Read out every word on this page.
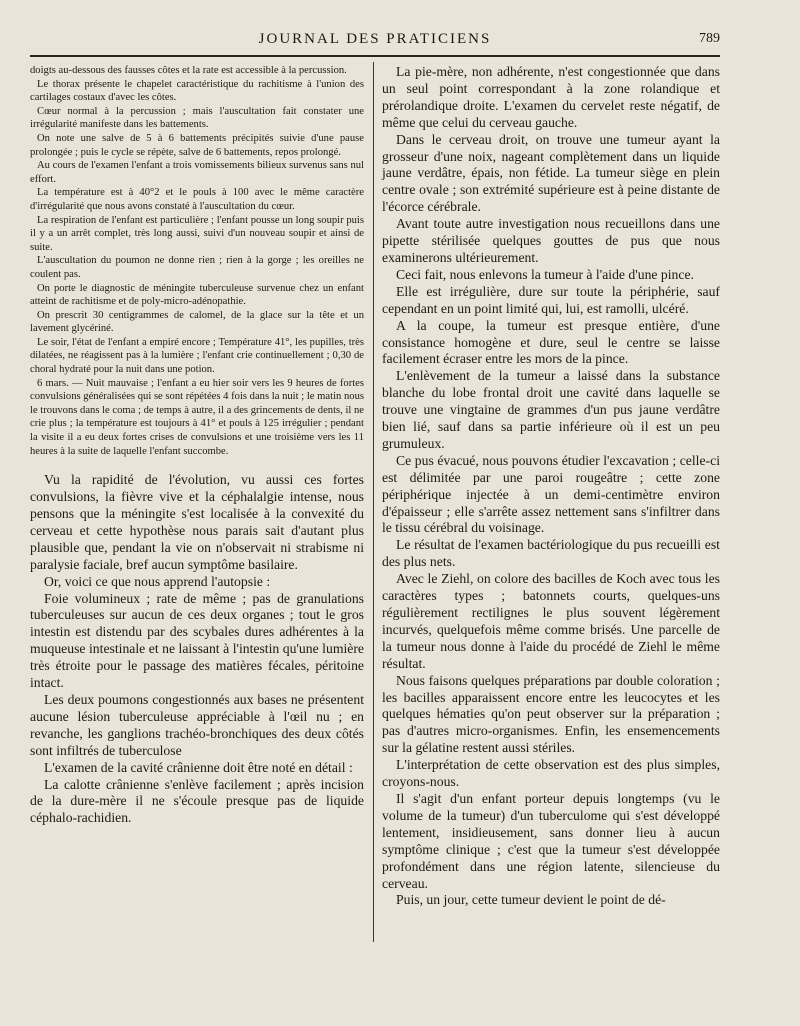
JOURNAL DES PRATICIENS	789

doigts au-dessous des fausses côtes et la rate est accessible à la percussion.

Le thorax présente le chapelet caractéristique du rachitisme à l'union des cartilages costaux d'avec les côtes.

Cœur normal à la percussion ; mais l'auscultation fait constater une irrégularité manifeste dans les battements.

On note une salve de 5 à 6 battements précipités suivie d'une pause prolongée ; puis le cycle se répète, salve de 6 battements, repos prolongé.

Au cours de l'examen l'enfant a trois vomissements bilieux survenus sans nul effort.

La température est à 40°2 et le pouls à 100 avec le même caractère d'irrégularité que nous avons constaté à l'auscultation du cœur.

La respiration de l'enfant est particulière ; l'enfant pousse un long soupir puis il y a un arrêt complet, très long aussi, suivi d'un nouveau soupir et ainsi de suite.

L'auscultation du poumon ne donne rien ; rien à la gorge ; les oreilles ne coulent pas.

On porte le diagnostic de méningite tuberculeuse survenue chez un enfant atteint de rachitisme et de poly-micro-adénopathie.

On prescrit 30 centigrammes de calomel, de la glace sur la tête et un lavement glycériné.

Le soir, l'état de l'enfant a empiré encore ; Température 41°, les pupilles, très dilatées, ne réagissent pas à la lumière ; l'enfant crie continuellement ; 0,30 de choral hydraté pour la nuit dans une potion.

6 mars. — Nuit mauvaise ; l'enfant a eu hier soir vers les 9 heures de fortes convulsions généralisées qui se sont répétées 4 fois dans la nuit ; le matin nous le trouvons dans le coma ; de temps à autre, il a des grincements de dents, il ne crie plus ; la température est toujours à 41° et pouls à 125 irrégulier ; pendant la visite il a eu deux fortes crises de convulsions et une troisième vers les 11 heures à la suite de laquelle l'enfant succombe.

Vu la rapidité de l'évolution, vu aussi ces fortes convulsions, la fièvre vive et la céphalalgie intense, nous pensons que la méningite s'est localisée à la convexité du cerveau et cette hypothèse nous parais sait d'autant plus plausible que, pendant la vie on n'observait ni strabisme ni paralysie faciale, bref aucun symptôme basilaire.

Or, voici ce que nous apprend l'autopsie :

Foie volumineux ; rate de même ; pas de granulations tuberculeuses sur aucun de ces deux organes ; tout le gros intestin est distendu par des scybales dures adhérentes à la muqueuse intestinale et ne laissant à l'intestin qu'une lumière très étroite pour le passage des matières fécales, péritoine intact.

Les deux poumons congestionnés aux bases ne présentent aucune lésion tuberculeuse appréciable à l'œil nu ; en revanche, les ganglions trachéo-bronchiques des deux côtés sont infiltrés de tuberculose

L'examen de la cavité crânienne doit être noté en détail :

La calotte crânienne s'enlève facilement ; après incision de la dure-mère il ne s'écoule presque pas de liquide céphalo-rachidien.

La pie-mère, non adhérente, n'est congestionnée que dans un seul point correspondant à la zone rolandique et prérolandique droite. L'examen du cervelet reste négatif, de même que celui du cerveau gauche.

Dans le cerveau droit, on trouve une tumeur ayant la grosseur d'une noix, nageant complètement dans un liquide jaune verdâtre, épais, non fétide. La tumeur siège en plein centre ovale ; son extrémité supérieure est à peine distante de l'écorce cérébrale.

Avant toute autre investigation nous recueillons dans une pipette stérilisée quelques gouttes de pus que nous examinerons ultérieurement.

Ceci fait, nous enlevons la tumeur à l'aide d'une pince.

Elle est irrégulière, dure sur toute la périphérie, sauf cependant en un point limité qui, lui, est ramolli, ulcéré.

A la coupe, la tumeur est presque entière, d'une consistance homogène et dure, seul le centre se laisse facilement écraser entre les mors de la pince.

L'enlèvement de la tumeur a laissé dans la substance blanche du lobe frontal droit une cavité dans laquelle se trouve une vingtaine de grammes d'un pus jaune verdâtre bien lié, sauf dans sa partie inférieure où il est un peu grumuleux.

Ce pus évacué, nous pouvons étudier l'excavation ; celle-ci est délimitée par une paroi rougeâtre ; cette zone périphérique injectée à un demi-centimètre environ d'épaisseur ; elle s'arrête assez nettement sans s'infiltrer dans le tissu cérébral du voisinage.

Le résultat de l'examen bactériologique du pus recueilli est des plus nets.

Avec le Ziehl, on colore des bacilles de Koch avec tous les caractères types ; batonnets courts, quelques-uns régulièrement rectilignes le plus souvent légèrement incurvés, quelquefois même comme brisés. Une parcelle de la tumeur nous donne à l'aide du procédé de Ziehl le même résultat.

Nous faisons quelques préparations par double coloration ; les bacilles apparaissent encore entre les leucocytes et les quelques hématies qu'on peut observer sur la préparation ; pas d'autres micro-organismes. Enfin, les ensemencements sur la gélatine restent aussi stériles.

L'interprétation de cette observation est des plus simples, croyons-nous.

Il s'agit d'un enfant porteur depuis longtemps (vu le volume de la tumeur) d'un tuberculome qui s'est développé lentement, insidieusement, sans donner lieu à aucun symptôme clinique ; c'est que la tumeur s'est développée profondément dans une région latente, silencieuse du cerveau.

Puis, un jour, cette tumeur devient le point de dé-
